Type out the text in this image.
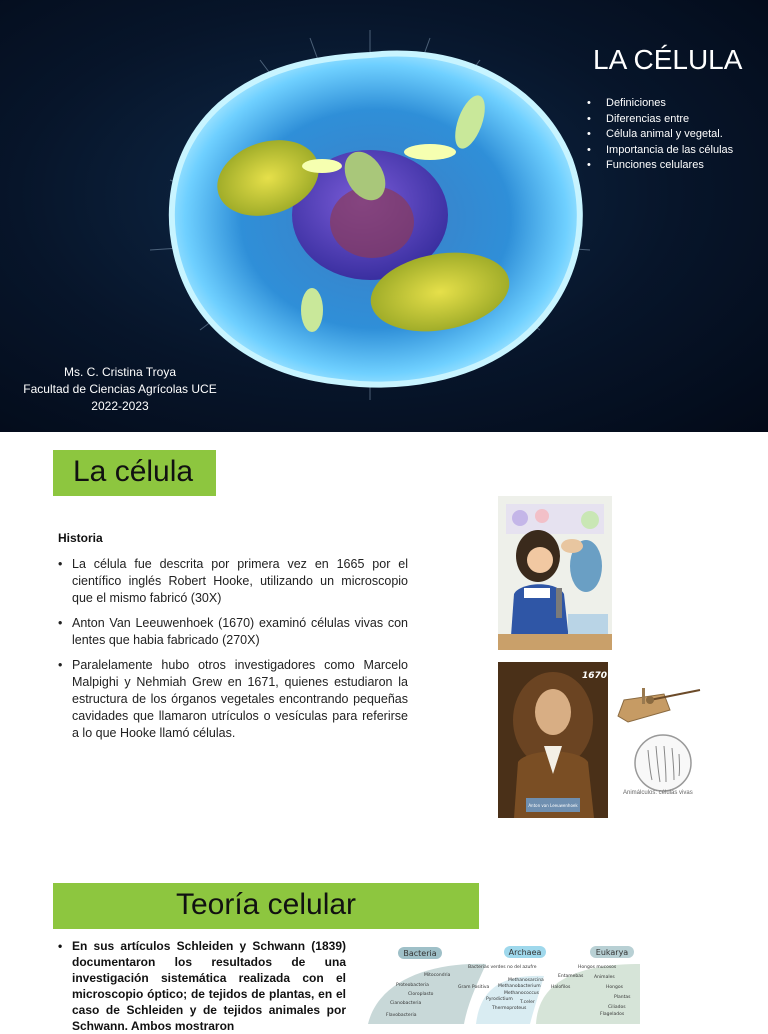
LA CÉLULA
• Definiciones
• Diferencias entre
• Célula animal y vegetal.
• Importancia de las células
• Funciones celulares
Ms. C. Cristina Troya
Facultad de Ciencias Agrícolas UCE
2022-2023
La célula
Historia
• La célula fue descrita por primera vez en 1665 por el científico inglés Robert Hooke, utilizando un microscopio que el mismo fabricó (30X)
• Anton Van Leeuwenhoek (1670) examinó células vivas con lentes que habia fabricado (270X)
• Paralelamente hubo otros investigadores como Marcelo Malpighi y Nehmiah Grew en 1671, quienes estudiaron la estructura de los órganos vegetales encontrando pequeñas cavidades que llamaron utrículos o vesículas para referirse a lo que Hooke llamó células.
1670
Anton van Leeuwenhoek
Animálculos: células vivas
Teoría celular

• En sus artículos Schleiden y Schwann (1839) documentaron los resultados de una investigación sistemática realizada con el microscopio óptico; de tejidos de plantas, en el caso de Schleiden y de tejidos animales por Schwann. Ambos mostraron

Bacteria	Archaea	Eukarya
Mitocondria
Bacterias verdes no del azufre
Proteobacteria
Cloroplasto
Gram Positiva
Cianobacteria
Flavobacteria
Methanosarcina
Methanobacterium Halofilos
Methanococcus
Pyrodictium
T.celer
Thermoproteus
Hongos mucosos
Entamebas Animales
Hongos
Plantas
Ciliados
Flagelados
